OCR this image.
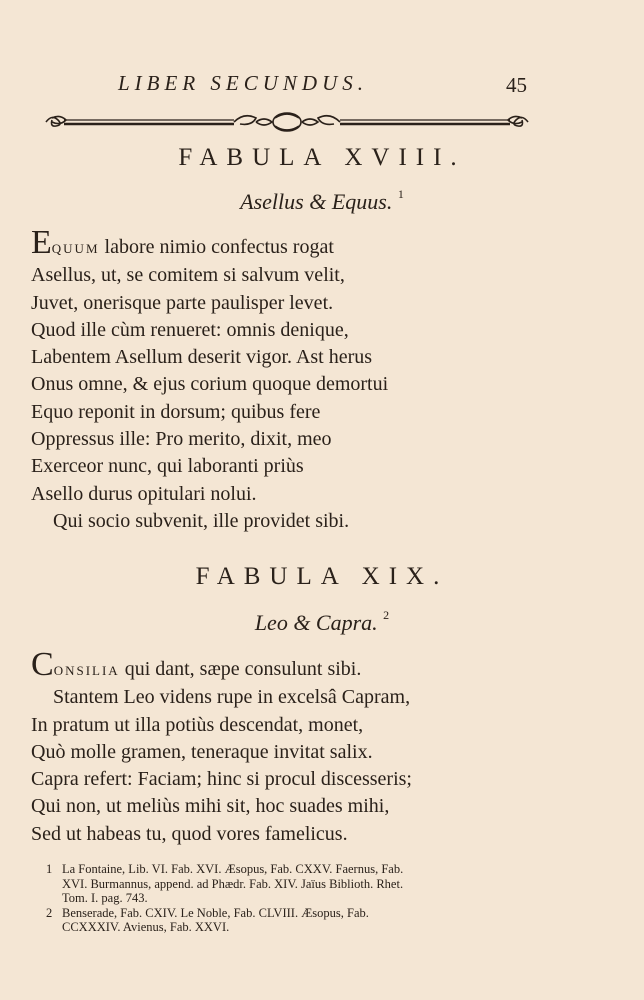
LIBER SECUNDUS.	45
FABULA XVIII.
Asellus & Equus. $^1$
EQUUM labore nimio confectus rogat
Asellus, ut, se comitem si salvum velit,
Juvet, onerisque parte paulisper levet.
Quod ille cùm renueret: omnis denique,
Labentem Asellum deserit vigor. Ast herus
Onus omne, & ejus corium quoque demortui
Equo reponit in dorsum; quibus fere
Oppressus ille: Pro merito, dixit, meo
Exerceor nunc, qui laboranti priùs
Asello durus opitulari nolui.
Qui socio subvenit, ille providet sibi.
FABULA XIX.
Leo & Capra. $^2$
CONSILIA qui dant, sæpe consulunt sibi.
Stantem Leo videns rupe in excelsâ Capram,
In pratum ut illa potiùs descendat, monet,
Quò molle gramen, teneraque invitat salix.
Capra refert: Faciam; hinc si procul discesseris;
Qui non, ut meliùs mihi sit, hoc suades mihi,
Sed ut habeas tu, quod vores famelicus.
1 La Fontaine, Lib. VI. Fab. XVI. Æsopus, Fab. CXXV. Faernus, Fab.
XVI. Burmannus, append. ad Phædr. Fab. XIV. Jaïus Biblioth. Rhet.
Tom. I. pag. 743.
2 Benserade, Fab. CXIV. Le Noble, Fab. CLVIII. Æsopus, Fab.
CCXXXIV. Avienus, Fab. XXVI.
